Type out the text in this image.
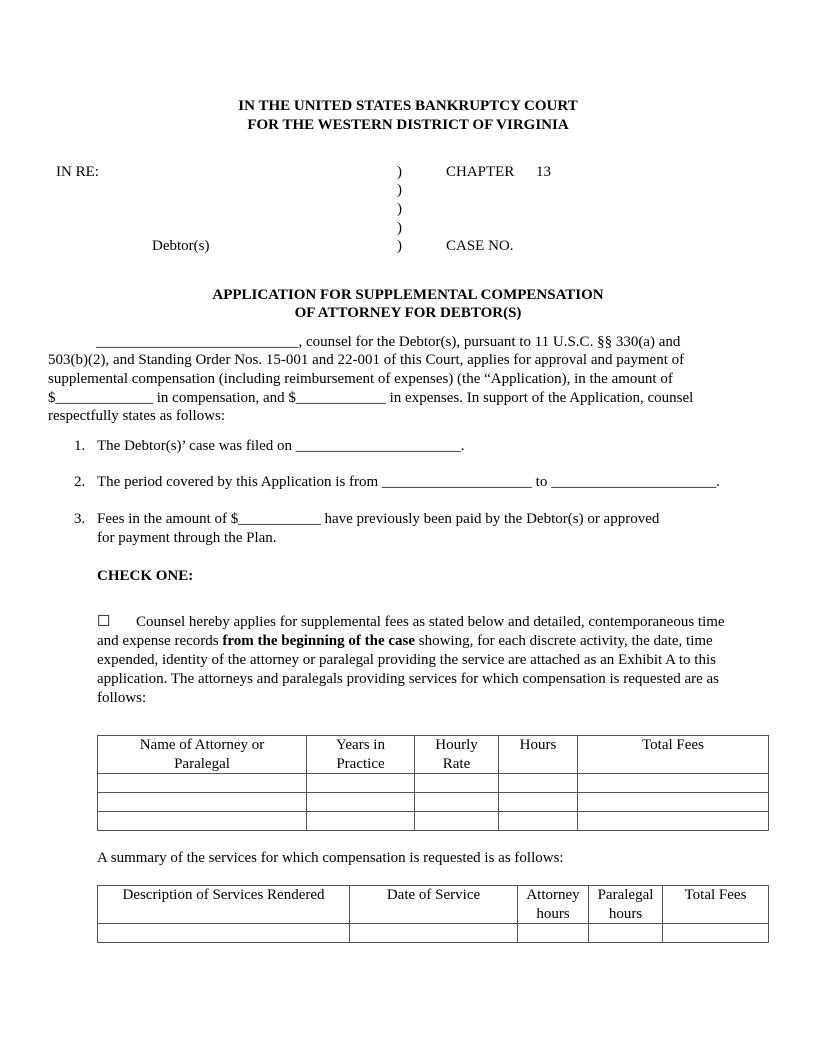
IN THE UNITED STATES BANKRUPTCY COURT
FOR THE WESTERN DISTRICT OF VIRGINIA
IN RE:	)
)
)
)
)
CHAPTER 13
Debtor(s)	CASE NO.
APPLICATION FOR SUPPLEMENTAL COMPENSATION
OF ATTORNEY FOR DEBTOR(S)
___________________________, counsel for the Debtor(s), pursuant to 11 U.S.C. §§ 330(a) and
503(b)(2), and Standing Order Nos. 15-001 and 22-001 of this Court, applies for approval and payment of
supplemental compensation (including reimbursement of expenses) (the “Application), in the amount of
$_____________ in compensation, and $____________ in expenses. In support of the Application, counsel
respectfully states as follows:
1. The Debtor(s)’ case was filed on ______________________.
2. The period covered by this Application is from ____________________ to ______________________.
3. Fees in the amount of $___________ have previously been paid by the Debtor(s) or approved
for payment through the Plan.
CHECK ONE:
☐ Counsel hereby applies for supplemental fees as stated below and detailed, contemporaneous time
and expense records from the beginning of the case showing, for each discrete activity, the date, time
expended, identity of the attorney or paralegal providing the service are attached as an Exhibit A to this
application. The attorneys and paralegals providing services for which compensation is requested are as
follows:
Name of Attorney or Paralegal	Years in Practice	Hourly Rate	Hours	Total Fees

A summary of the services for which compensation is requested is as follows:
Description of Services Rendered	Date of Service	Attorney hours	Paralegal hours	Total Fees
